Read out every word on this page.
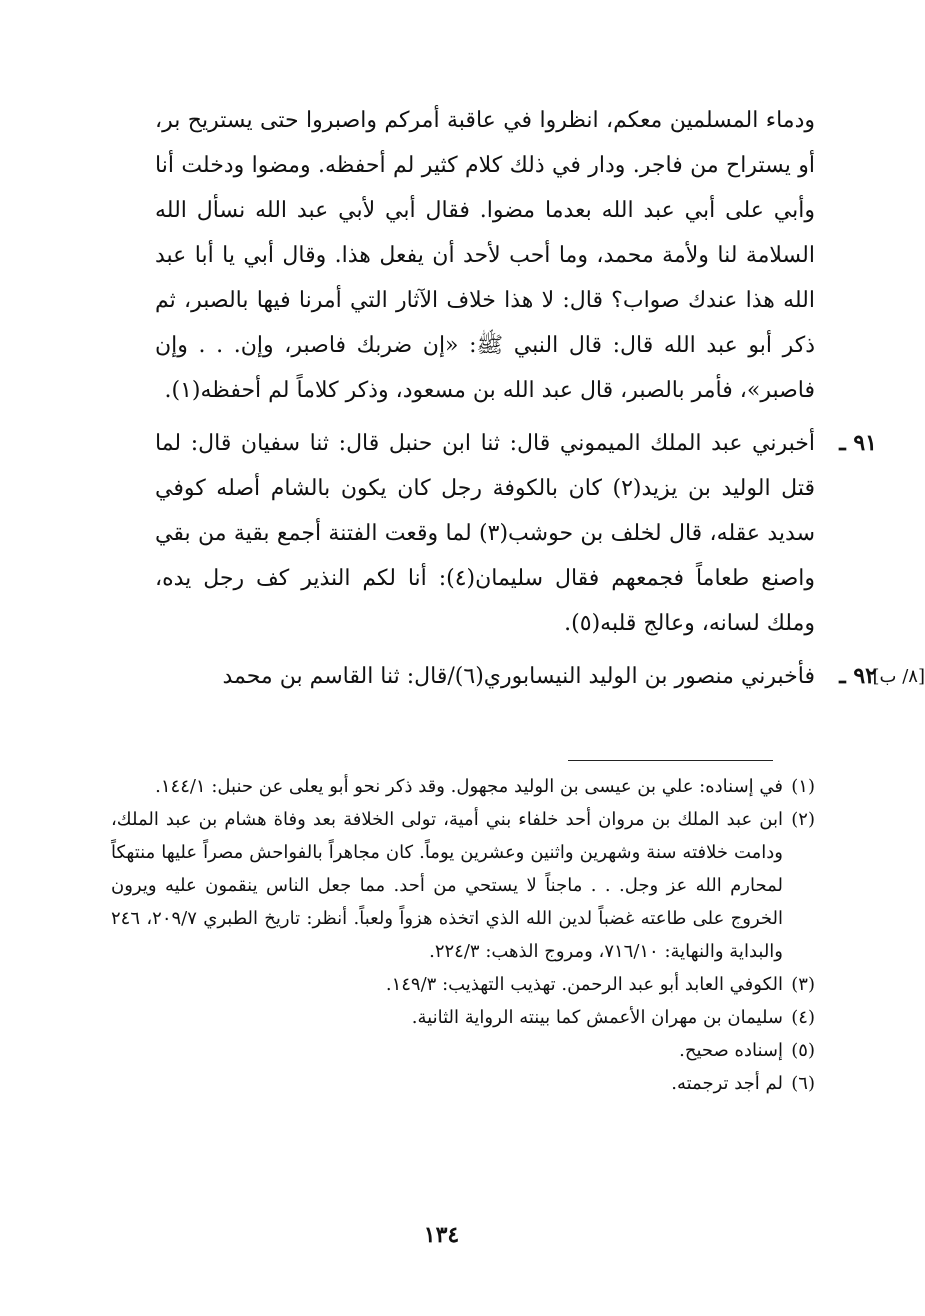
ودماء المسلمين معكم، انظروا في عاقبة أمركم واصبروا حتى يستريح بر، أو يستراح من فاجر. ودار في ذلك كلام كثير لم أحفظه. ومضوا ودخلت أنا وأبي على أبي عبد الله بعدما مضوا. فقال أبي لأبي عبد الله نسأل الله السلامة لنا ولأمة محمد، وما أحب لأحد أن يفعل هذا. وقال أبي يا أبا عبد الله هذا عندك صواب؟ قال: لا هذا خلاف الآثار التي أمرنا فيها بالصبر، ثم ذكر أبو عبد الله قال: قال النبي ﷺ: «إن ضربك فاصبر، وإن. . . وإن فاصبر»، فأمر بالصبر، قال عبد الله بن مسعود، وذكر كلاماً لم أحفظه(١).

٩١ ـ
أخبرني عبد الملك الميموني قال: ثنا ابن حنبل قال: ثنا سفيان قال: لما قتل الوليد بن يزيد(٢) كان بالكوفة رجل كان يكون بالشام أصله كوفي سديد عقله، قال لخلف بن حوشب(٣) لما وقعت الفتنة أجمع بقية من بقي واصنع طعاماً فجمعهم فقال سليمان(٤): أنا لكم النذير كف رجل يده، وملك لسانه، وعالج قلبه(٥).

[٨/ ب]
٩٢ ـ
فأخبرني منصور بن الوليد النيسابوري(٦)/قال: ثنا القاسم بن محمد

(١)
في إسناده: علي بن عيسى بن الوليد مجهول. وقد ذكر نحو أبو يعلى عن حنبل: ١٤٤/١.

(٢)
ابن عبد الملك بن مروان أحد خلفاء بني أمية، تولى الخلافة بعد وفاة هشام بن عبد الملك، ودامت خلافته سنة وشهرين واثنين وعشرين يوماً. كان مجاهراً بالفواحش مصراً عليها منتهكاً لمحارم الله عز وجل. . . ماجناً لا يستحي من أحد. مما جعل الناس ينقمون عليه ويرون الخروج على طاعته غضباً لدين الله الذي اتخذه هزواً ولعباً. أنظر: تاريخ الطبري ٢٠٩/٧، ٢٤٦ والبداية والنهاية: ٧١٦/١٠، ومروج الذهب: ٢٢٤/٣.

(٣)
الكوفي العابد أبو عبد الرحمن. تهذيب التهذيب: ١٤٩/٣.

(٤)
سليمان بن مهران الأعمش كما بينته الرواية الثانية.

(٥)
إسناده صحيح.

(٦)
لم أجد ترجمته.

١٣٤
